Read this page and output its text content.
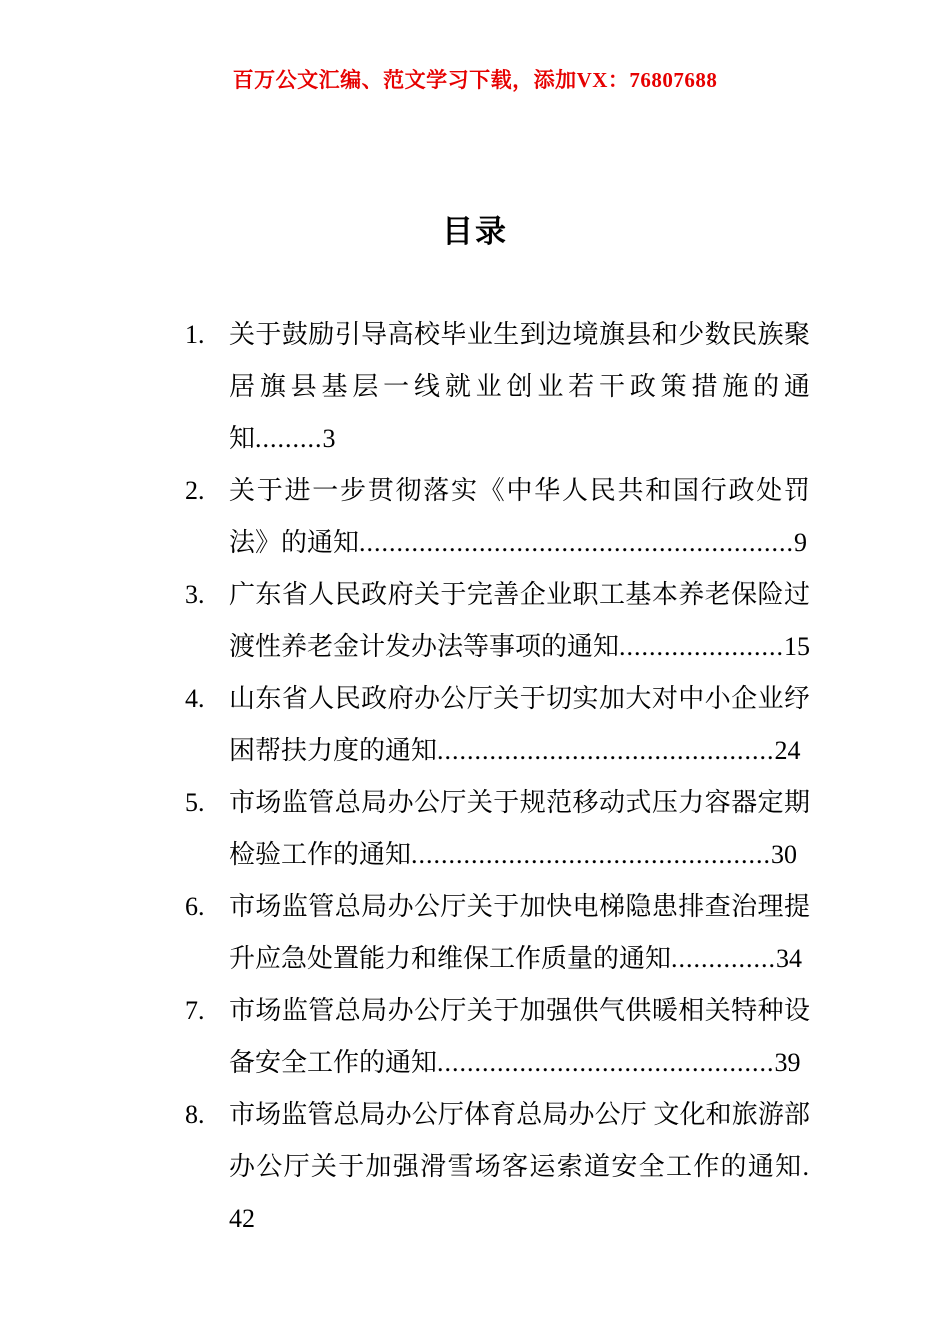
百万公文汇编、范文学习下载，添加VX：76807688
目录

1. 关于鼓励引导高校毕业生到边境旗县和少数民族聚居旗县基层一线就业创业若干政策措施的通知.........3

2. 关于进一步贯彻落实《中华人民共和国行政处罚法》的通知..........................................................9

3. 广东省人民政府关于完善企业职工基本养老保险过渡性养老金计发办法等事项的通知......................15

4. 山东省人民政府办公厅关于切实加大对中小企业纾困帮扶力度的通知.............................................24

5. 市场监管总局办公厅关于规范移动式压力容器定期检验工作的通知................................................30

6. 市场监管总局办公厅关于加快电梯隐患排查治理提升应急处置能力和维保工作质量的通知..............34

7. 市场监管总局办公厅关于加强供气供暖相关特种设备安全工作的通知.............................................39

8. 市场监管总局办公厅体育总局办公厅 文化和旅游部办公厅关于加强滑雪场客运索道安全工作的通知. 42
